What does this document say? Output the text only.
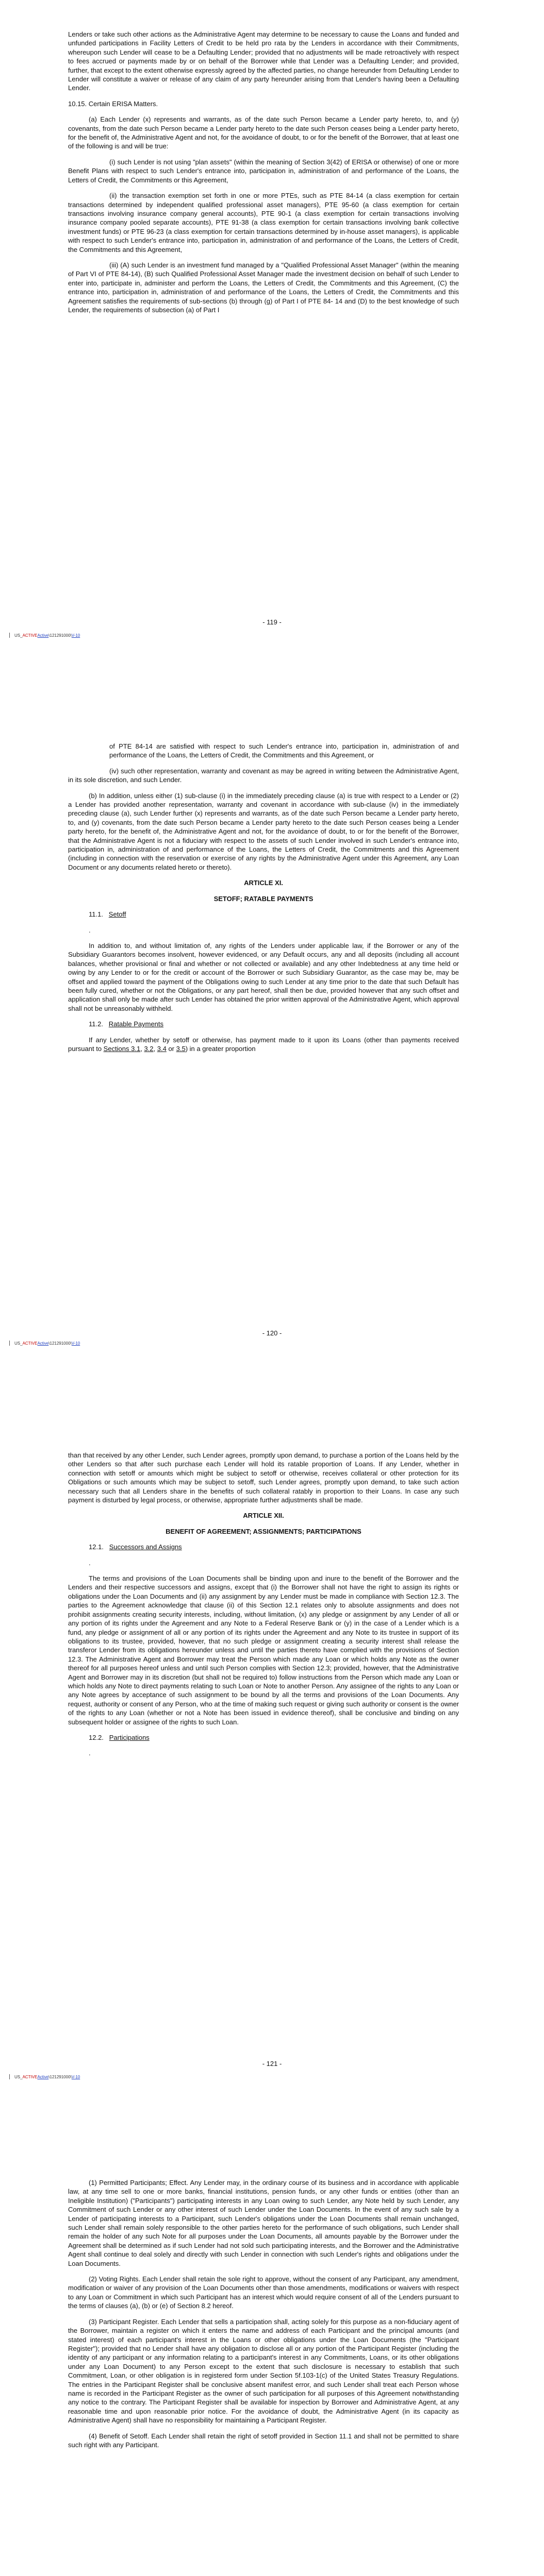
Lenders or take such other actions as the Administrative Agent may determine to be necessary to cause the Loans and funded and unfunded participations in Facility Letters of Credit to be held pro rata by the Lenders in accordance with their Commitments, whereupon such Lender will cease to be a Defaulting Lender; provided that no adjustments will be made retroactively with respect to fees accrued or payments made by or on behalf of the Borrower while that Lender was a Defaulting Lender; and provided, further, that except to the extent otherwise expressly agreed by the affected parties, no change hereunder from Defaulting Lender to Lender will constitute a waiver or release of any claim of any party hereunder arising from that Lender's having been a Defaulting Lender.

10.15. Certain ERISA Matters.

(a) Each Lender (x) represents and warrants, as of the date such Person became a Lender party hereto, to, and (y) covenants, from the date such Person became a Lender party hereto to the date such Person ceases being a Lender party hereto, for the benefit of, the Administrative Agent and not, for the avoidance of doubt, to or for the benefit of the Borrower, that at least one of the following is and will be true:

(i) such Lender is not using "plan assets" (within the meaning of Section 3(42) of ERISA or otherwise) of one or more Benefit Plans with respect to such Lender's entrance into, participation in, administration of and performance of the Loans, the Letters of Credit, the Commitments or this Agreement,

(ii) the transaction exemption set forth in one or more PTEs, such as PTE 84-14 (a class exemption for certain transactions determined by independent qualified professional asset managers), PTE 95-60 (a class exemption for certain transactions involving insurance company general accounts), PTE 90-1 (a class exemption for certain transactions involving insurance company pooled separate accounts), PTE 91-38 (a class exemption for certain transactions involving bank collective investment funds) or PTE 96-23 (a class exemption for certain transactions determined by in-house asset managers), is applicable with respect to such Lender's entrance into, participation in, administration of and performance of the Loans, the Letters of Credit, the Commitments and this Agreement,

(iii) (A) such Lender is an investment fund managed by a "Qualified Professional Asset Manager" (within the meaning of Part VI of PTE 84-14), (B) such Qualified Professional Asset Manager made the investment decision on behalf of such Lender to enter into, participate in, administer and perform the Loans, the Letters of Credit, the Commitments and this Agreement, (C) the entrance into, participation in, administration of and performance of the Loans, the Letters of Credit, the Commitments and this Agreement satisfies the requirements of sub-sections (b) through (g) of Part I of PTE 84- 14 and (D) to the best knowledge of such Lender, the requirements of subsection (a) of Part I

- 119 -
US_ACTIVEActive\121291000\V-10

of PTE 84-14 are satisfied with respect to such Lender's entrance into, participation in, administration of and performance of the Loans, the Letters of Credit, the Commitments and this Agreement, or

(iv) such other representation, warranty and covenant as may be agreed in writing between the Administrative Agent, in its sole discretion, and such Lender.

(b) In addition, unless either (1) sub-clause (i) in the immediately preceding clause (a) is true with respect to a Lender or (2) a Lender has provided another representation, warranty and covenant in accordance with sub-clause (iv) in the immediately preceding clause (a), such Lender further (x) represents and warrants, as of the date such Person became a Lender party hereto, to, and (y) covenants, from the date such Person became a Lender party hereto to the date such Person ceases being a Lender party hereto, for the benefit of, the Administrative Agent and not, for the avoidance of doubt, to or for the benefit of the Borrower, that the Administrative Agent is not a fiduciary with respect to the assets of such Lender involved in such Lender's entrance into, participation in, administration of and performance of the Loans, the Letters of Credit, the Commitments and this Agreement (including in connection with the reservation or exercise of any rights by the Administrative Agent under this Agreement, any Loan Document or any documents related hereto or thereto).

ARTICLE XI.

SETOFF; RATABLE PAYMENTS

11.1. Setoff

.

In addition to, and without limitation of, any rights of the Lenders under applicable law, if the Borrower or any of the Subsidiary Guarantors becomes insolvent, however evidenced, or any Default occurs, any and all deposits (including all account balances, whether provisional or final and whether or not collected or available) and any other Indebtedness at any time held or owing by any Lender to or for the credit or account of the Borrower or such Subsidiary Guarantor, as the case may be, may be offset and applied toward the payment of the Obligations owing to such Lender at any time prior to the date that such Default has been fully cured, whether or not the Obligations, or any part hereof, shall then be due, provided however that any such offset and application shall only be made after such Lender has obtained the prior written approval of the Administrative Agent, which approval shall not be unreasonably withheld.

11.2. Ratable Payments

If any Lender, whether by setoff or otherwise, has payment made to it upon its Loans (other than payments received pursuant to Sections 3.1, 3.2, 3.4 or 3.5) in a greater proportion

- 120 -
US_ACTIVEActive\121291000\V-10

than that received by any other Lender, such Lender agrees, promptly upon demand, to purchase a portion of the Loans held by the other Lenders so that after such purchase each Lender will hold its ratable proportion of Loans. If any Lender, whether in connection with setoff or amounts which might be subject to setoff or otherwise, receives collateral or other protection for its Obligations or such amounts which may be subject to setoff, such Lender agrees, promptly upon demand, to take such action necessary such that all Lenders share in the benefits of such collateral ratably in proportion to their Loans. In case any such payment is disturbed by legal process, or otherwise, appropriate further adjustments shall be made.

ARTICLE XII.

BENEFIT OF AGREEMENT; ASSIGNMENTS; PARTICIPATIONS

12.1. Successors and Assigns

.

The terms and provisions of the Loan Documents shall be binding upon and inure to the benefit of the Borrower and the Lenders and their respective successors and assigns, except that (i) the Borrower shall not have the right to assign its rights or obligations under the Loan Documents and (ii) any assignment by any Lender must be made in compliance with Section 12.3. The parties to the Agreement acknowledge that clause (ii) of this Section 12.1 relates only to absolute assignments and does not prohibit assignments creating security interests, including, without limitation, (x) any pledge or assignment by any Lender of all or any portion of its rights under the Agreement and any Note to a Federal Reserve Bank or (y) in the case of a Lender which is a fund, any pledge or assignment of all or any portion of its rights under the Agreement and any Note to its trustee in support of its obligations to its trustee, provided, however, that no such pledge or assignment creating a security interest shall release the transferor Lender from its obligations hereunder unless and until the parties thereto have complied with the provisions of Section 12.3. The Administrative Agent and Borrower may treat the Person which made any Loan or which holds any Note as the owner thereof for all purposes hereof unless and until such Person complies with Section 12.3; provided, however, that the Administrative Agent and Borrower may in its discretion (but shall not be required to) follow instructions from the Person which made any Loan or which holds any Note to direct payments relating to such Loan or Note to another Person. Any assignee of the rights to any Loan or any Note agrees by acceptance of such assignment to be bound by all the terms and provisions of the Loan Documents. Any request, authority or consent of any Person, who at the time of making such request or giving such authority or consent is the owner of the rights to any Loan (whether or not a Note has been issued in evidence thereof), shall be conclusive and binding on any subsequent holder or assignee of the rights to such Loan.

12.2. Participations

.

- 121 -
US_ACTIVEActive\121291000\V-10

(1) Permitted Participants; Effect. Any Lender may, in the ordinary course of its business and in accordance with applicable law, at any time sell to one or more banks, financial institutions, pension funds, or any other funds or entities (other than an Ineligible Institution) ("Participants") participating interests in any Loan owing to such Lender, any Note held by such Lender, any Commitment of such Lender or any other interest of such Lender under the Loan Documents. In the event of any such sale by a Lender of participating interests to a Participant, such Lender's obligations under the Loan Documents shall remain unchanged, such Lender shall remain solely responsible to the other parties hereto for the performance of such obligations, such Lender shall remain the holder of any such Note for all purposes under the Loan Documents, all amounts payable by the Borrower under the Agreement shall be determined as if such Lender had not sold such participating interests, and the Borrower and the Administrative Agent shall continue to deal solely and directly with such Lender in connection with such Lender's rights and obligations under the Loan Documents.

(2) Voting Rights. Each Lender shall retain the sole right to approve, without the consent of any Participant, any amendment, modification or waiver of any provision of the Loan Documents other than those amendments, modifications or waivers with respect to any Loan or Commitment in which such Participant has an interest which would require consent of all of the Lenders pursuant to the terms of clauses (a), (b) or (e) of Section 8.2 hereof.

(3) Participant Register. Each Lender that sells a participation shall, acting solely for this purpose as a non-fiduciary agent of the Borrower, maintain a register on which it enters the name and address of each Participant and the principal amounts (and stated interest) of each participant's interest in the Loans or other obligations under the Loan Documents (the "Participant Register"); provided that no Lender shall have any obligation to disclose all or any portion of the Participant Register (including the identity of any participant or any information relating to a participant's interest in any Commitments, Loans, or its other obligations under any Loan Document) to any Person except to the extent that such disclosure is necessary to establish that such Commitment, Loan, or other obligation is in registered form under Section 5f.103-1(c) of the United States Treasury Regulations. The entries in the Participant Register shall be conclusive absent manifest error, and such Lender shall treat each Person whose name is recorded in the Participant Register as the owner of such participation for all purposes of this Agreement notwithstanding any notice to the contrary. The Participant Register shall be available for inspection by Borrower and Administrative Agent, at any reasonable time and upon reasonable prior notice. For the avoidance of doubt, the Administrative Agent (in its capacity as Administrative Agent) shall have no responsibility for maintaining a Participant Register.

(4) Benefit of Setoff. Each Lender shall retain the right of setoff provided in Section 11.1 and shall not be permitted to share such right with any Participant.
